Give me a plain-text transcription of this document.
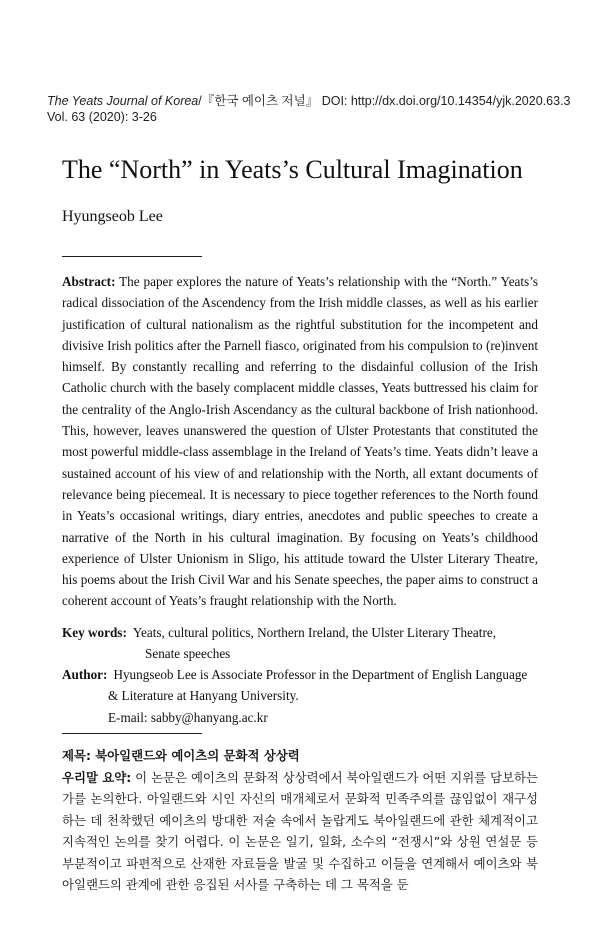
The Yeats Journal of Korea/『한국 예이츠 저널』 DOI: http://dx.doi.org/10.14354/yjk.2020.63.3
Vol. 63 (2020): 3-26
The “North” in Yeats’s Cultural Imagination
Hyungseob Lee
Abstract: The paper explores the nature of Yeats’s relationship with the “North.” Yeats’s radical dissociation of the Ascendency from the Irish middle classes, as well as his earlier justification of cultural nationalism as the rightful substitution for the incompetent and divisive Irish politics after the Parnell fiasco, originated from his compulsion to (re)invent himself. By constantly recalling and referring to the disdainful collusion of the Irish Catholic church with the basely complacent middle classes, Yeats buttressed his claim for the centrality of the Anglo-Irish Ascendancy as the cultural backbone of Irish nationhood. This, however, leaves unanswered the question of Ulster Protestants that constituted the most powerful middle-class assemblage in the Ireland of Yeats’s time. Yeats didn’t leave a sustained account of his view of and relationship with the North, all extant documents of relevance being piecemeal. It is necessary to piece together references to the North found in Yeats’s occasional writings, diary entries, anecdotes and public speeches to create a narrative of the North in his cultural imagination. By focusing on Yeats’s childhood experience of Ulster Unionism in Sligo, his attitude toward the Ulster Literary Theatre, his poems about the Irish Civil War and his Senate speeches, the paper aims to construct a coherent account of Yeats’s fraught relationship with the North.
Key words: Yeats, cultural politics, Northern Ireland, the Ulster Literary Theatre,
Senate speeches
Author: Hyungseob Lee is Associate Professor in the Department of English Language
& Literature at Hanyang University.
E-mail: sabby@hanyang.ac.kr
제목: 북아일랜드와 예이츠의 문화적 상상력
우리말 요약: 이 논문은 예이츠의 문화적 상상력에서 북아일랜드가 어떤 지위를 담보하는가를 논의한다. 아일랜드와 시인 자신의 매개체로서 문화적 민족주의를 끊임없이 재구성하는 데 천착했던 예이츠의 방대한 저술 속에서 놀랍게도 북아일랜드에 관한 체계적이고 지속적인 논의를 찾기 어렵다. 이 논문은 일기, 일화, 소수의 “전쟁시”와 상원 연설문 등 부분적이고 파편적으로 산재한 자료들을 발굴 및 수집하고 이들을 연계해서 예이츠와 북아일랜드의 관계에 관한 응집된 서사를 구축하는 데 그 목적을 둔
